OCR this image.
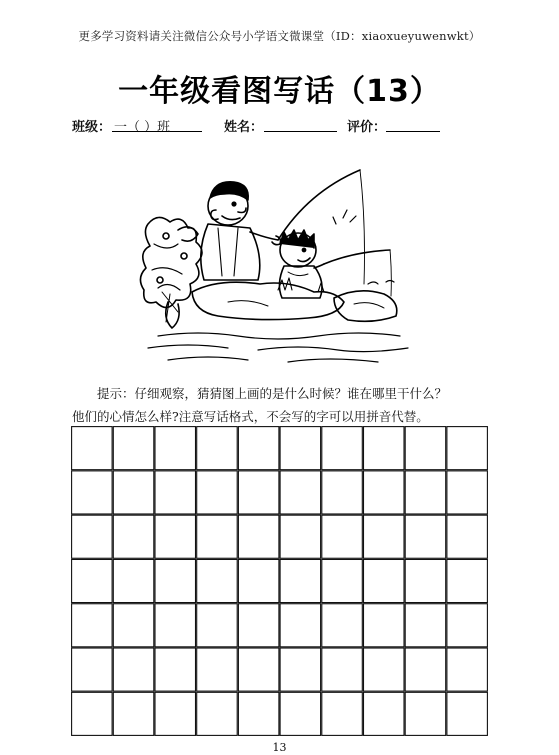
更多学习资料请关注微信公众号小学语文微课堂（ID：xiaoxueyuwenwkt）
一年级看图写话（13）
班级： 一（ ）班	姓名：	评价：
提示：仔细观察，猜猜图上画的是什么时候？谁在哪里干什么？
他们的心情怎么样?注意写话格式，不会写的字可以用拼音代替。
13
